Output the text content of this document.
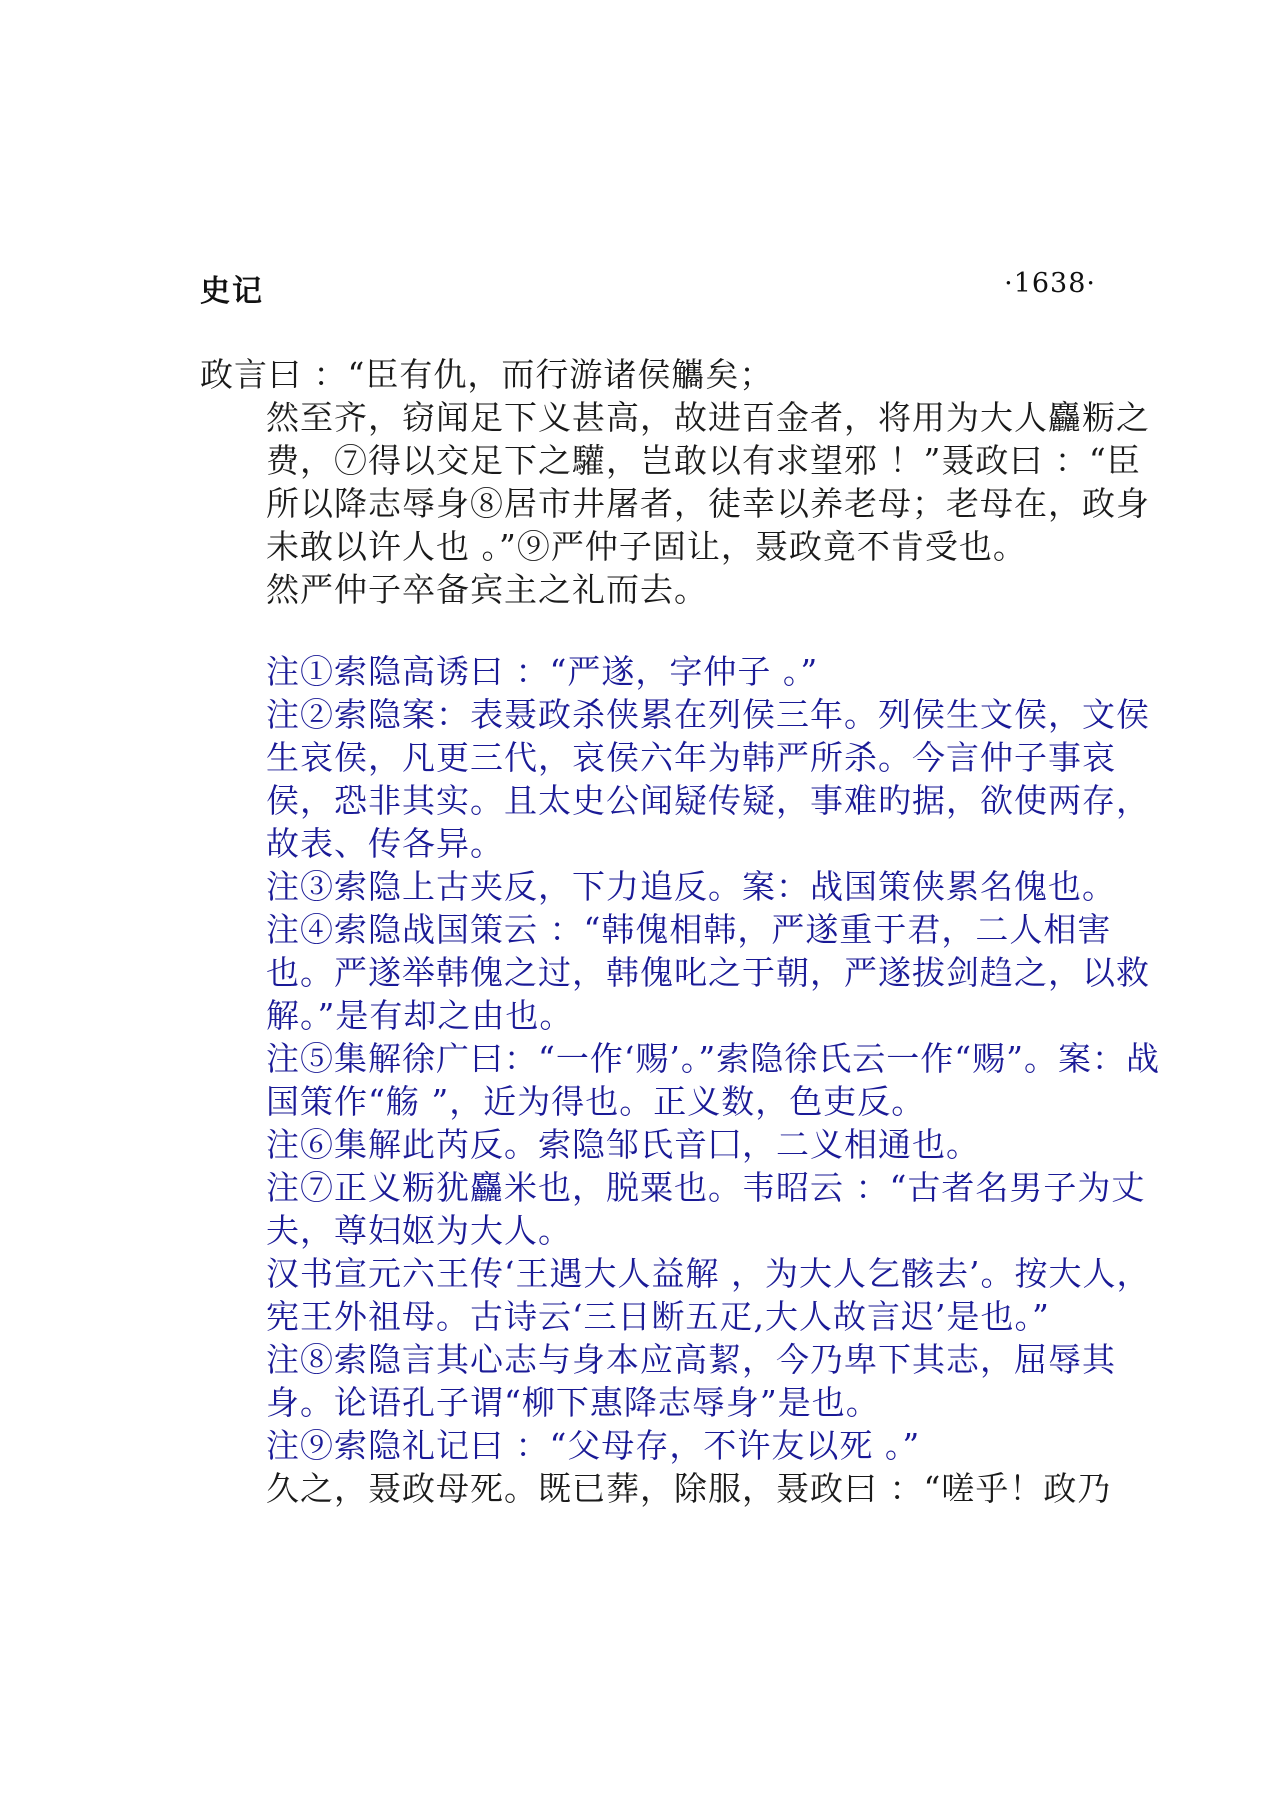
史记	·1638·

政言曰 ：“臣有仇，而行游诸侯觿矣；

然至齐，窃闻足下义甚高，故进百金者，将用为大人麤粝之费，⑦得以交足下之驩，岂敢以有求望邪 ！”聂政曰 ：“臣所以降志辱身⑧居市井屠者，徒幸以养老母；老母在，政身未敢以许人也 。”⑨严仲子固让，聂政竟不肯受也。

然严仲子卒备宾主之礼而去。

注①索隐高诱曰 ：“严遂，字仲子 。”

注②索隐案：表聂政杀侠累在列侯三年。列侯生文侯，文侯生哀侯，凡更三代，哀侯六年为韩严所杀。今言仲子事哀侯，恐非其实。且太史公闻疑传疑，事难旳据，欲使两存，故表、传各异。

注③索隐上古夹反，下力追反。案：战国策侠累名傀也。

注④索隐战国策云 ：“韩傀相韩，严遂重于君，二人相害也。严遂举韩傀之过，韩傀叱之于朝，严遂拔剑趋之，以救解。”是有却之由也。

注⑤集解徐广曰：“一作‘赐’。”索隐徐氏云一作“赐”。案：战国策作“觞 ”，近为得也。正义数，色吏反。

注⑥集解此芮反。索隐邹氏音囗，二义相通也。

注⑦正义粝犹麤米也，脱粟也。韦昭云 ：“古者名男子为丈夫，尊妇妪为大人。

汉书宣元六王传‘王遇大人益解 ，为大人乞骸去’。按大人，宪王外祖母。古诗云‘三日断五疋,大人故言迟’是也。”

注⑧索隐言其心志与身本应高絜，今乃卑下其志，屈辱其身。论语孔子谓“柳下惠降志辱身”是也。

注⑨索隐礼记曰 ：“父母存，不许友以死 。”

久之，聂政母死。既已葬，除服，聂政曰 ：“嗟乎！政乃
